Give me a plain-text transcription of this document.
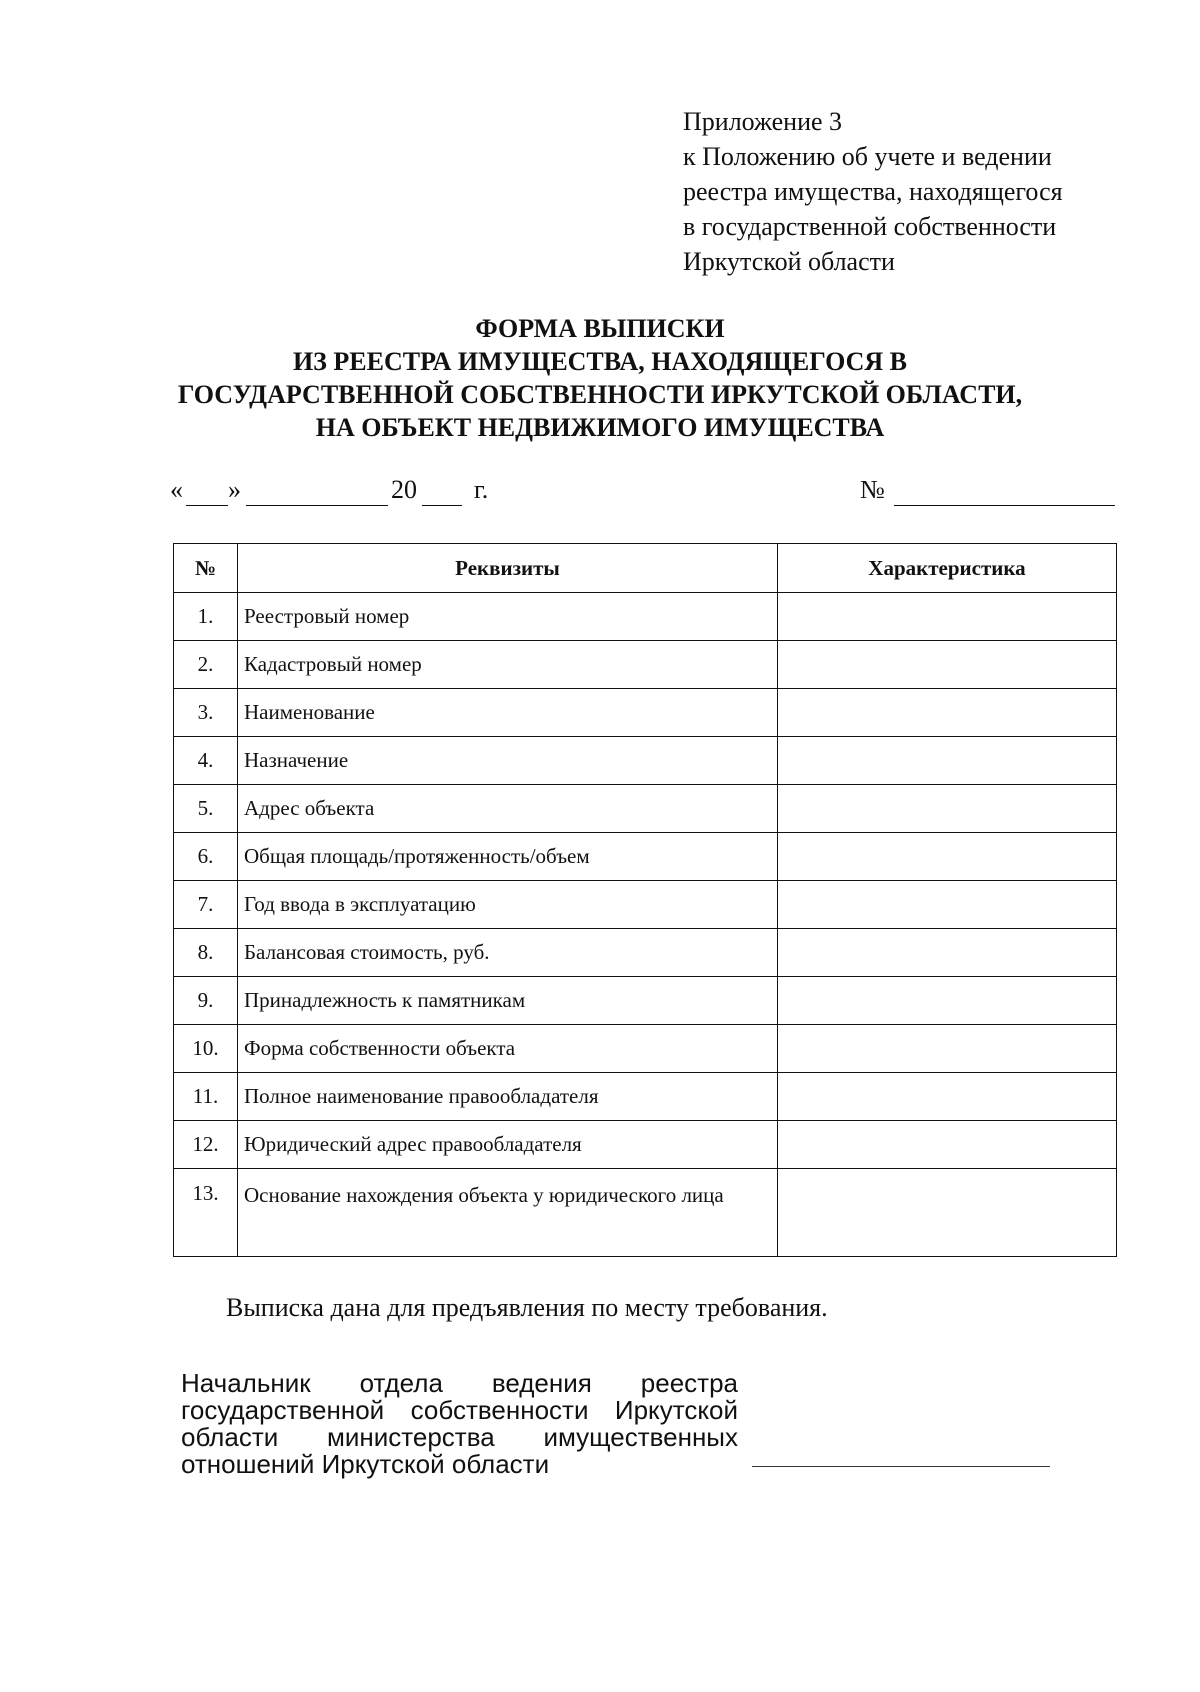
Приложение 3
к Положению об учете и ведении
реестра имущества, находящегося
в государственной собственности
Иркутской области
ФОРМА ВЫПИСКИ
ИЗ РЕЕСТРА ИМУЩЕСТВА, НАХОДЯЩЕГОСЯ В
ГОСУДАРСТВЕННОЙ СОБСТВЕННОСТИ ИРКУТСКОЙ ОБЛАСТИ,
НА ОБЪЕКТ НЕДВИЖИМОГО ИМУЩЕСТВА
« »	20 г.	№
№	Реквизиты	Характеристика
1.	Реестровый номер	
2.	Кадастровый номер	
3.	Наименование	
4.	Назначение	
5.	Адрес объекта	
6.	Общая площадь/протяженность/объем	
7.	Год ввода в эксплуатацию	
8.	Балансовая стоимость, руб.	
9.	Принадлежность к памятникам	
10.	Форма собственности объекта	
11.	Полное наименование правообладателя	
12.	Юридический адрес правообладателя	
13.	Основание нахождения объекта у юридического лица	
Выписка дана для предъявления по месту требования.
Начальник отдела ведения реестра
государственной собственности Иркутской
области министерства имущественных
отношений Иркутской области
